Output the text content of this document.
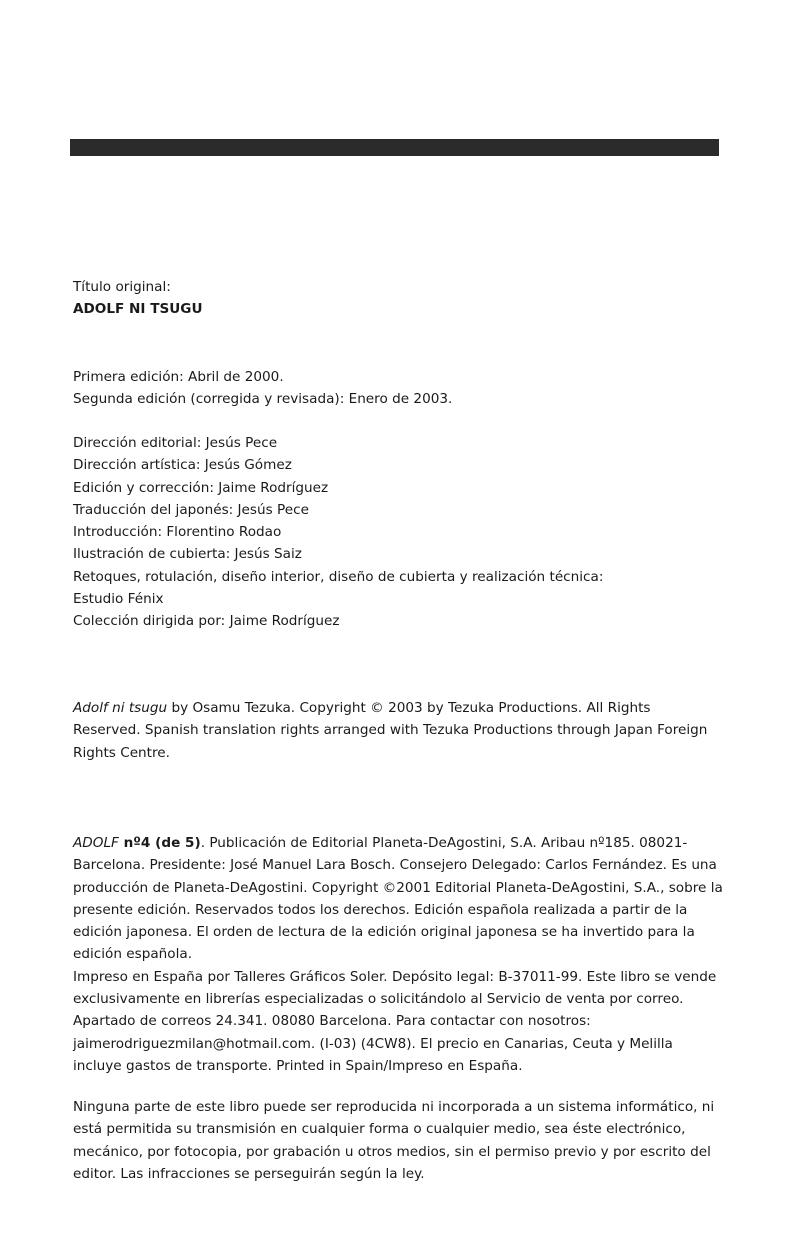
Título original:

ADOLF NI TSUGU

Primera edición: Abril de 2000.

Segunda edición (corregida y revisada): Enero de 2003.

Dirección editorial: Jesús Pece

Dirección artística: Jesús Gómez

Edición y corrección: Jaime Rodríguez

Traducción del japonés: Jesús Pece

Introducción: Florentino Rodao

Ilustración de cubierta: Jesús Saiz

Retoques, rotulación, diseño interior, diseño de cubierta y realización técnica:

Estudio Fénix

Colección dirigida por: Jaime Rodríguez

Adolf ni tsugu by Osamu Tezuka. Copyright © 2003 by Tezuka Productions. All Rights Reserved. Spanish translation rights arranged with Tezuka Productions through Japan Foreign Rights Centre.

ADOLF nº4 (de 5). Publicación de Editorial Planeta-DeAgostini, S.A. Aribau nº185. 08021-Barcelona. Presidente: José Manuel Lara Bosch. Consejero Delegado: Carlos Fernández. Es una producción de Planeta-DeAgostini. Copyright ©2001 Editorial Planeta-DeAgostini, S.A., sobre la presente edición. Reservados todos los derechos. Edición española realizada a partir de la edición japonesa. El orden de lectura de la edición original japonesa se ha invertido para la edición española.

Impreso en España por Talleres Gráficos Soler. Depósito legal: B-37011-99. Este libro se vende exclusivamente en librerías especializadas o solicitándolo al Servicio de venta por correo. Apartado de correos 24.341. 08080 Barcelona. Para contactar con nosotros: jaimerodriguezmilan@hotmail.com. (I-03) (4CW8). El precio en Canarias, Ceuta y Melilla incluye gastos de transporte. Printed in Spain/Impreso en España.

Ninguna parte de este libro puede ser reproducida ni incorporada a un sistema informático, ni está permitida su transmisión en cualquier forma o cualquier medio, sea éste electrónico, mecánico, por fotocopia, por grabación u otros medios, sin el permiso previo y por escrito del editor. Las infracciones se perseguirán según la ley.
